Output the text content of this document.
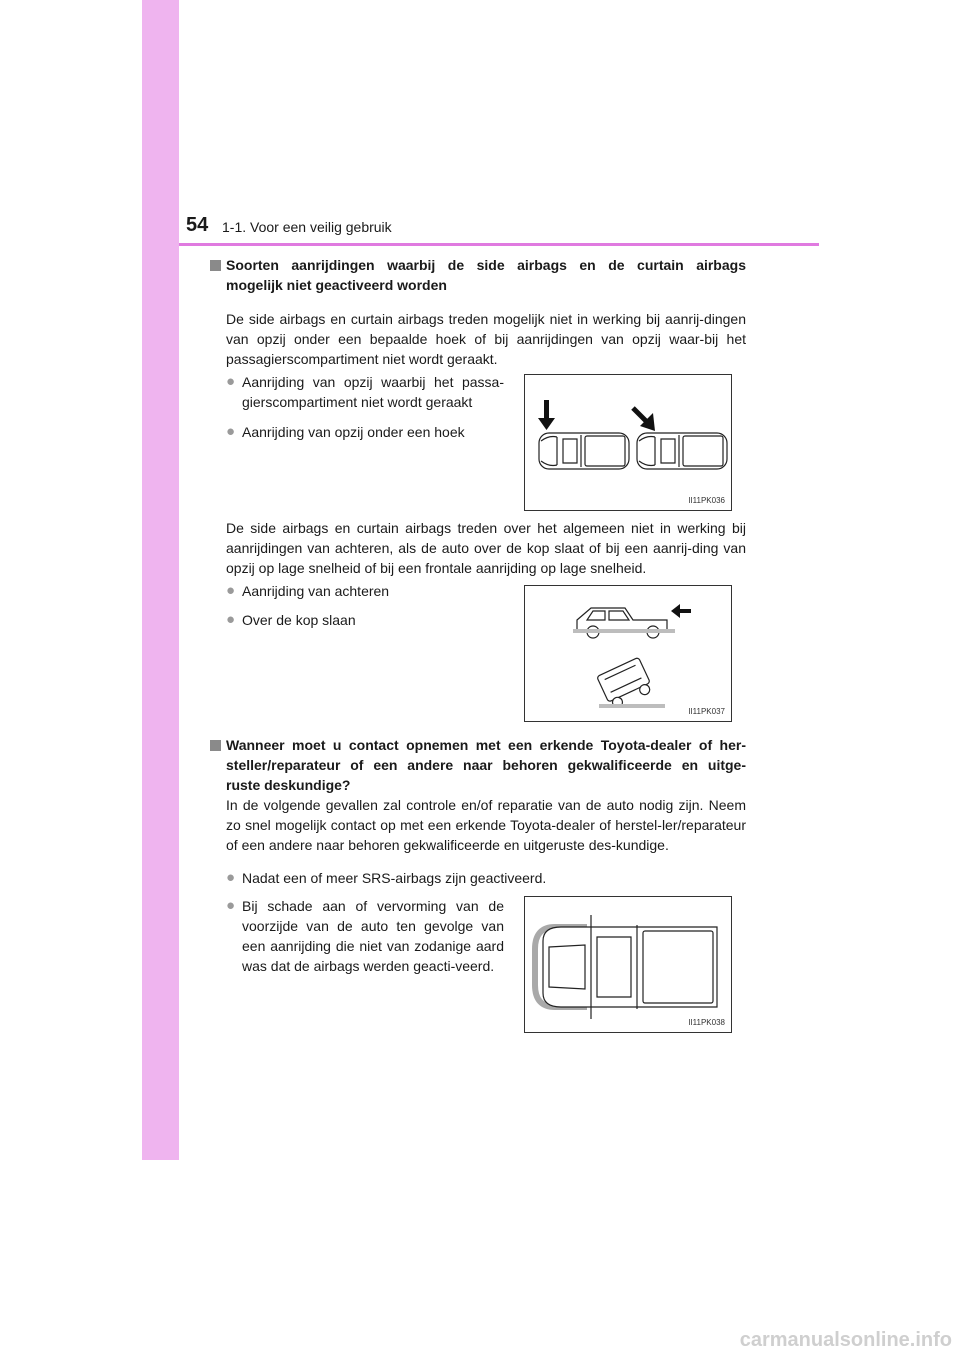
54 1-1. Voor een veilig gebruik
Soorten aanrijdingen waarbij de side airbags en de curtain airbags
mogelijk niet geactiveerd worden
De side airbags en curtain airbags treden mogelijk niet in werking bij aanrij-dingen van opzij onder een bepaalde hoek of bij aanrijdingen van opzij waar-bij het passagierscompartiment niet wordt geraakt.
● Aanrijding van opzij waarbij het passa-gierscompartiment niet wordt geraakt
● Aanrijding van opzij onder een hoek
II11PK036
De side airbags en curtain airbags treden over het algemeen niet in werking bij aanrijdingen van achteren, als de auto over de kop slaat of bij een aanrij-ding van opzij op lage snelheid of bij een frontale aanrijding op lage snelheid.
● Aanrijding van achteren
● Over de kop slaan
II11PK037
Wanneer moet u contact opnemen met een erkende Toyota-dealer of her-
steller/reparateur of een andere naar behoren gekwalificeerde en uitge-
ruste deskundige?
In de volgende gevallen zal controle en/of reparatie van de auto nodig zijn. Neem zo snel mogelijk contact op met een erkende Toyota-dealer of herstel-ler/reparateur of een andere naar behoren gekwalificeerde en uitgeruste des-kundige.
● Nadat een of meer SRS-airbags zijn geactiveerd.
● Bij schade aan of vervorming van de voorzijde van de auto ten gevolge van een aanrijding die niet van zodanige aard was dat de airbags werden geacti-veerd.
II11PK038
carmanualsonline.info
